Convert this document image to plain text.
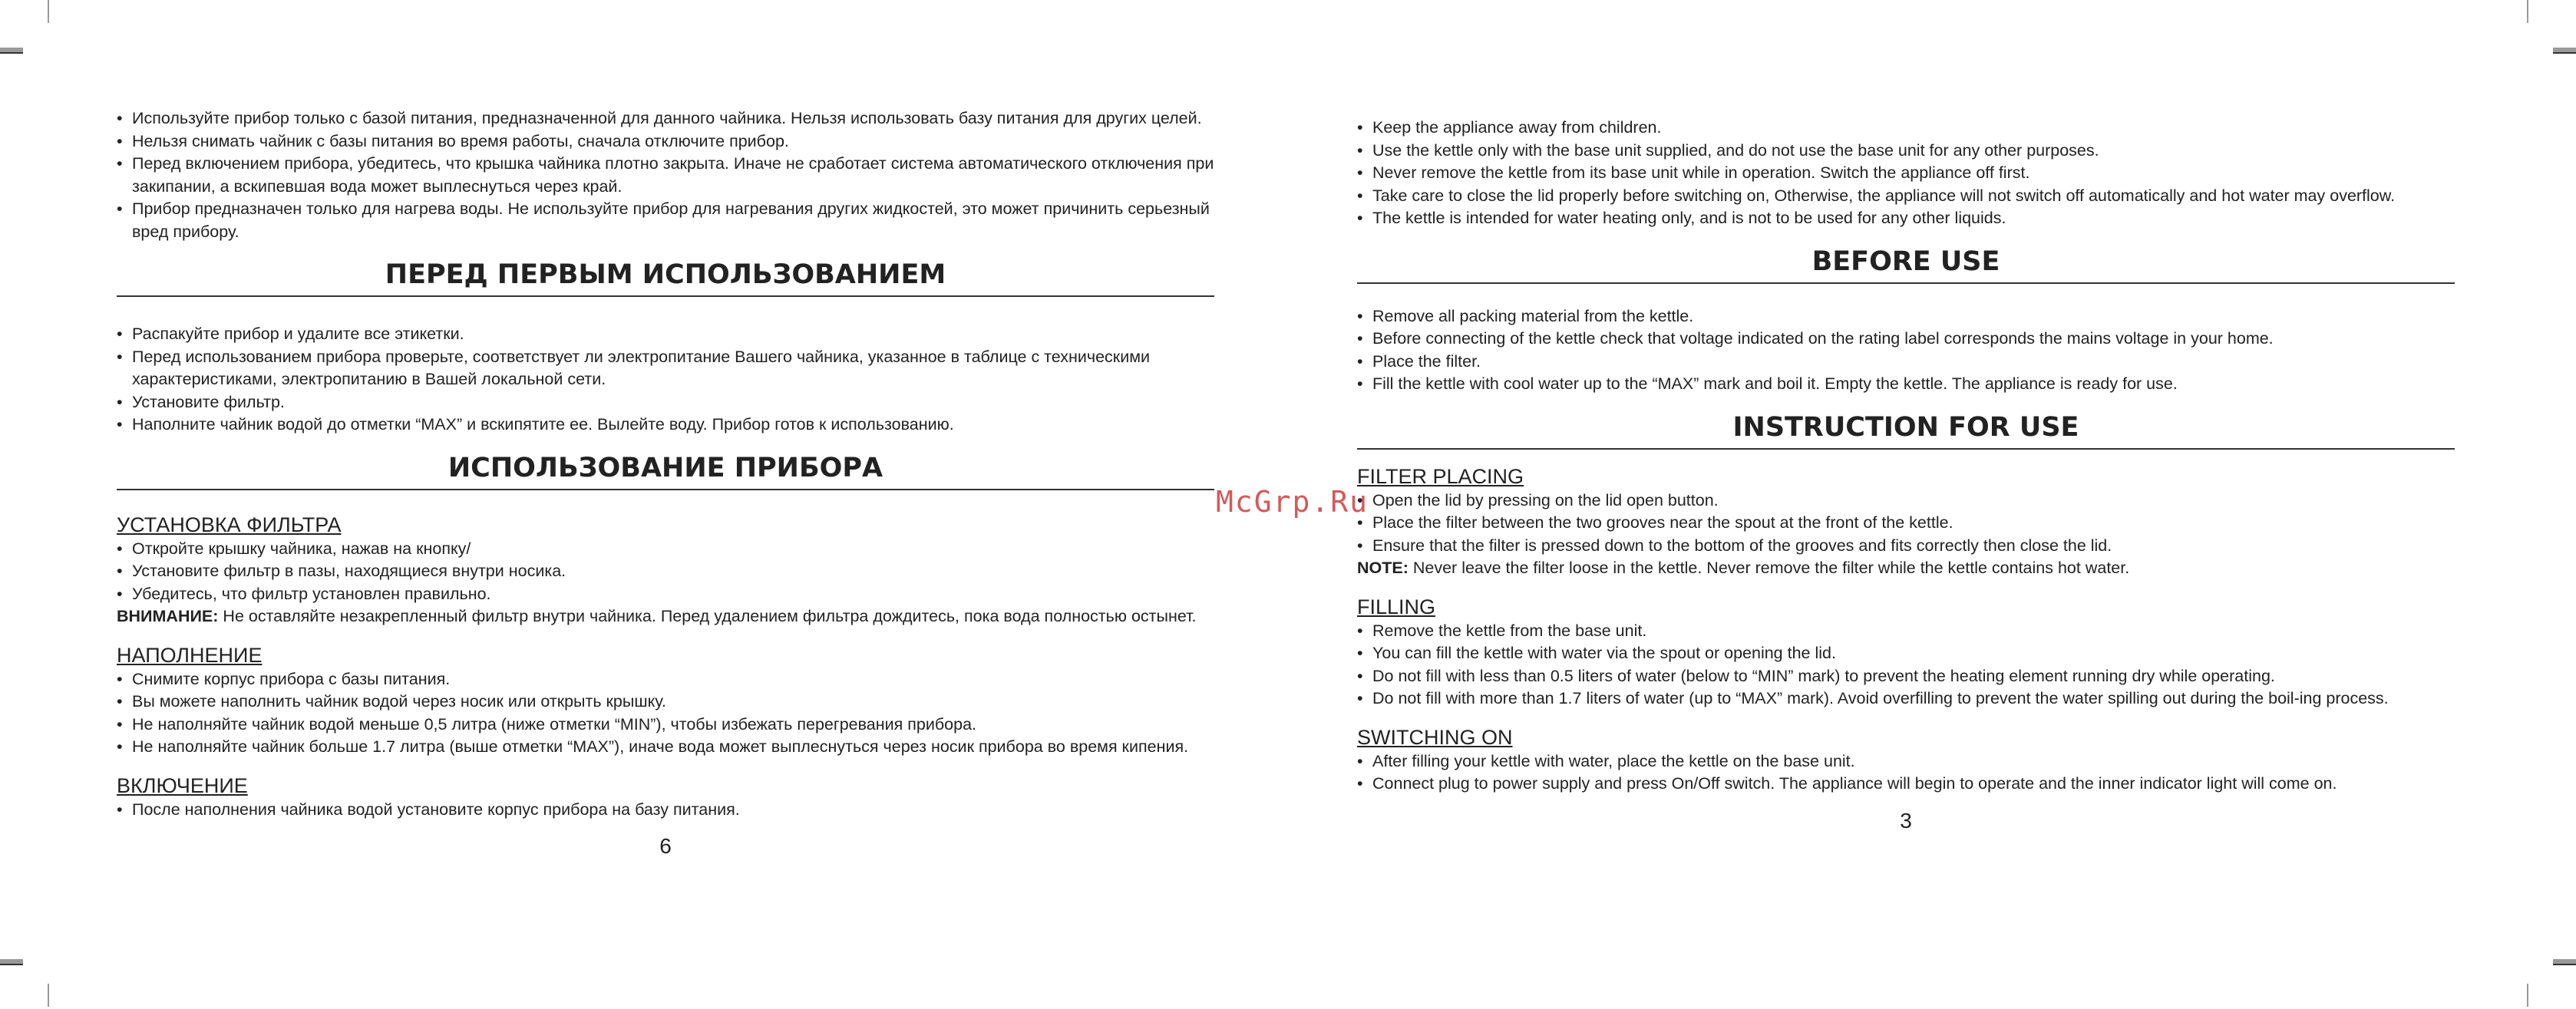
• Используйте прибор только с базой питания, предназначенной для данного чайника. Нельзя использовать базу питания для других целей.
• Нельзя снимать чайник с базы питания во время работы, сначала отключите прибор.
• Перед включением прибора, убедитесь, что крышка чайника плотно закрыта. Иначе не сработает система автоматического отключения при закипании, а вскипевшая вода может выплеснуться через край.
• Прибор предназначен только для нагрева воды. Не используйте прибор для нагревания других жидкостей, это может причинить серьезный вред прибору.
ПЕРЕД ПЕРВЫМ ИСПОЛЬЗОВАНИЕМ
• Распакуйте прибор и удалите все этикетки.
• Перед использованием прибора проверьте, соответствует ли электропитание Вашего чайника, указанное в таблице с техническими характеристиками, электропитанию в Вашей локальной сети.
• Установите фильтр.
• Наполните чайник водой до отметки “MAX” и вскипятите ее. Вылейте воду. Прибор готов к использованию.
ИСПОЛЬЗОВАНИЕ ПРИБОРА
УСТАНОВКА ФИЛЬТРА
• Откройте крышку чайника, нажав на кнопку/
• Установите фильтр в пазы, находящиеся внутри носика.
• Убедитесь, что фильтр установлен правильно.
ВНИМАНИЕ: Не оставляйте незакрепленный фильтр внутри чайника. Перед удалением фильтра дождитесь, пока вода полностью остынет.
НАПОЛНЕНИЕ
• Снимите корпус прибора с базы питания.
• Вы можете наполнить чайник водой через носик или открыть крышку.
• Не наполняйте чайник водой меньше 0,5 литра (ниже отметки “MIN”), чтобы избежать перегревания прибора.
• Не наполняйте чайник больше 1.7 литра (выше отметки “MAX”), иначе вода может выплеснуться через носик прибора во время кипения.
ВКЛЮЧЕНИЕ
• После наполнения чайника водой установите корпус прибора на базу питания.
6
• Keep the appliance away from children.
• Use the kettle only with the base unit supplied, and do not use the base unit for any other purposes.
• Never remove the kettle from its base unit while in operation. Switch the appliance off first.
• Take care to close the lid properly before switching on, Otherwise, the appliance will not switch off automatically and hot water may overflow.
• The kettle is intended for water heating only, and is not to be used for any other liquids.
BEFORE USE
• Remove all packing material from the kettle.
• Before connecting of the kettle check that voltage indicated on the rating label corresponds the mains voltage in your home.
• Place the filter.
• Fill the kettle with cool water up to the “MAX” mark and boil it. Empty the kettle. The appliance is ready for use.
INSTRUCTION FOR USE
FILTER PLACING
• Open the lid by pressing on the lid open button.
• Place the filter between the two grooves near the spout at the front of the kettle.
• Ensure that the filter is pressed down to the bottom of the grooves and fits correctly then close the lid.
NOTE: Never leave the filter loose in the kettle. Never remove the filter while the kettle contains hot water.
FILLING
• Remove the kettle from the base unit.
• You can fill the kettle with water via the spout or opening the lid.
• Do not fill with less than 0.5 liters of water (below to “MIN” mark) to prevent the heating element running dry while operating.
• Do not fill with more than 1.7 liters of water (up to “MAX” mark). Avoid overfilling to prevent the water spilling out during the boil-ing process.
SWITCHING ON
• After filling your kettle with water, place the kettle on the base unit.
• Connect plug to power supply and press On/Off switch. The appliance will begin to operate and the inner indicator light will come on.
3
McGrp.Ru
